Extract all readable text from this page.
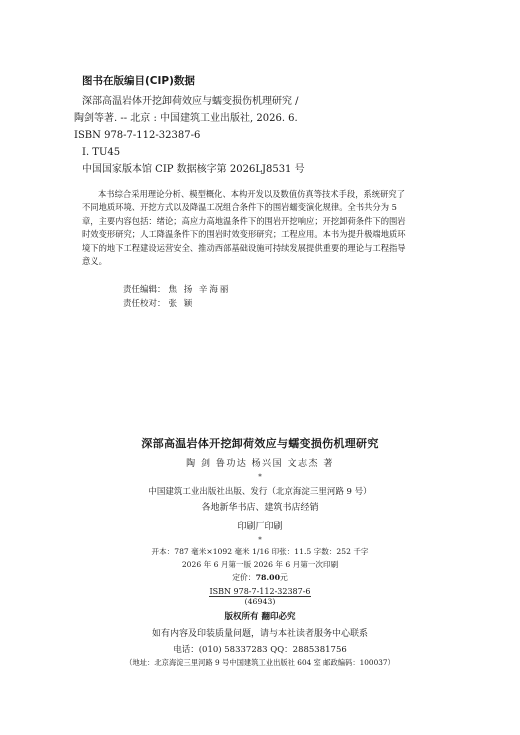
图书在版编目(CIP)数据
深部高温岩体开挖卸荷效应与蠕变损伤机理研究 /
陶剑等著. -- 北京 : 中国建筑工业出版社, 2026. 6.
ISBN 978-7-112-32387-6
Ⅰ. TU45
中国国家版本馆 CIP 数据核字第 2026LJ8531 号
本书综合采用理论分析、模型概化、本构开发以及数值仿真等技术手段，系统研究了
不同地质环境、开挖方式以及降温工况组合条件下的围岩蠕变演化规律。全书共分为 5
章，主要内容包括：绪论；高应力高地温条件下的围岩开挖响应；开挖卸荷条件下的围岩
时效变形研究；人工降温条件下的围岩时效变形研究；工程应用。本书为提升极端地质环
境下的地下工程建设运营安全、推动西部基础设施可持续发展提供重要的理论与工程指导
意义。
责任编辑： 焦 扬 辛海丽
责任校对： 张 颖
深部高温岩体开挖卸荷效应与蠕变损伤机理研究
陶 剑 鲁功达 杨兴国 文志杰 著
*
中国建筑工业出版社出版、发行（北京海淀三里河路 9 号）
各地新华书店、建筑书店经销
印刷厂印刷
*
开本：787 毫米×1092 毫米 1/16 印张：11.5 字数：252 千字
2026 年 6 月第一版 2026 年 6 月第一次印刷
定价：78.00元
ISBN 978-7-112-32387-6
(46943)
版权所有 翻印必究
如有内容及印装质量问题，请与本社读者服务中心联系
电话：(010) 58337283 QQ：2885381756
（地址：北京海淀三里河路 9 号中国建筑工业出版社 604 室 邮政编码：100037）
